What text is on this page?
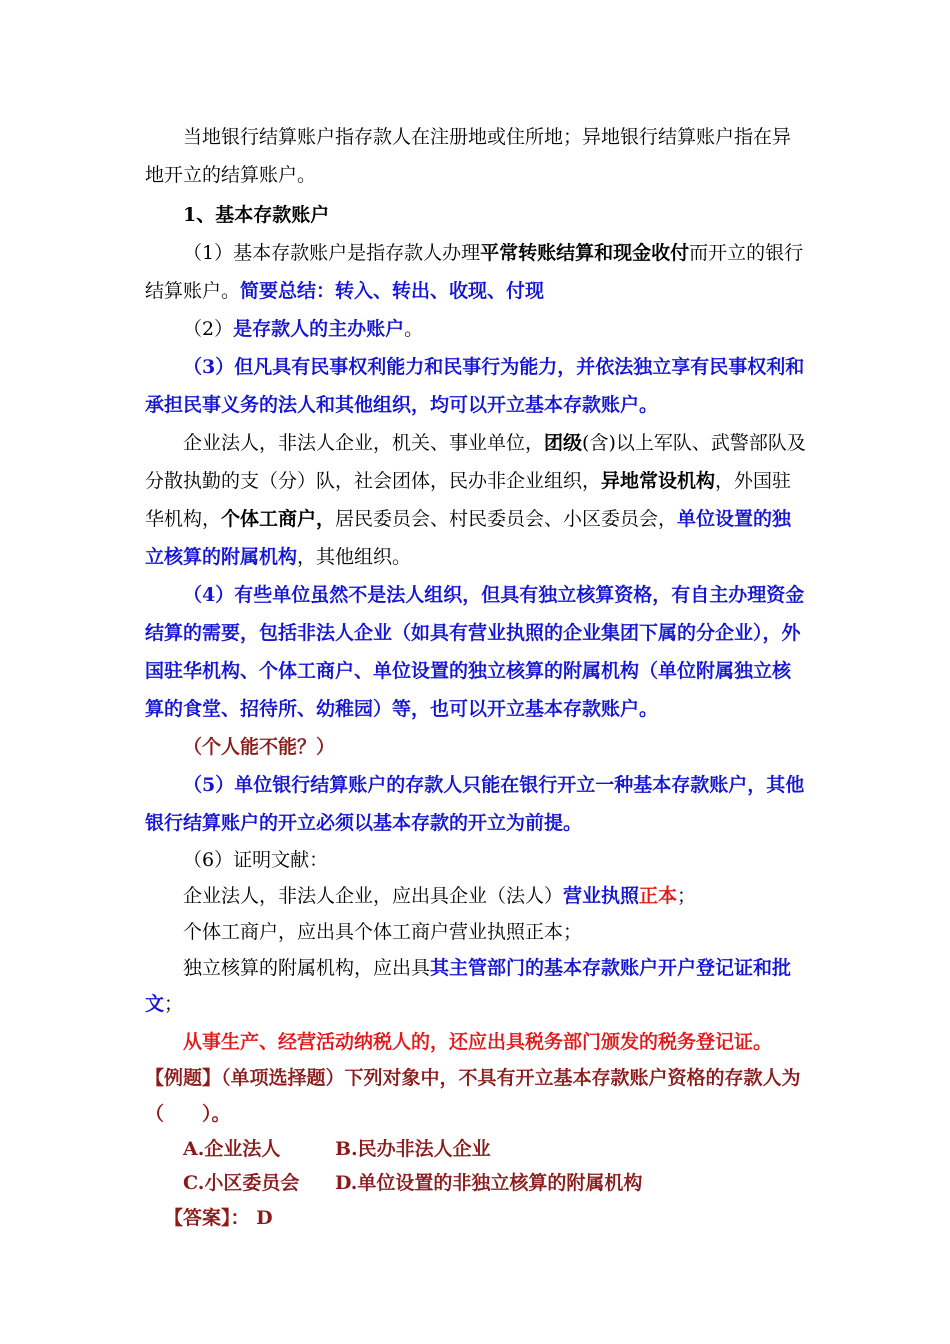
当地银行结算账户指存款人在注册地或住所地；异地银行结算账户指在异地开立的结算账户。

1、基本存款账户

（1）基本存款账户是指存款人办理平常转账结算和现金收付而开立的银行结算账户。简要总结：转入、转出、收现、付现

（2）是存款人的主办账户。

（3）但凡具有民事权利能力和民事行为能力，并依法独立享有民事权利和承担民事义务的法人和其他组织，均可以开立基本存款账户。

企业法人，非法人企业，机关、事业单位，团级(含)以上军队、武警部队及分散执勤的支（分）队，社会团体，民办非企业组织，异地常设机构，外国驻华机构，个体工商户，居民委员会、村民委员会、小区委员会，单位设置的独立核算的附属机构，其他组织。

（4）有些单位虽然不是法人组织，但具有独立核算资格，有自主办理资金结算的需要，包括非法人企业（如具有营业执照的企业集团下属的分企业），外国驻华机构、个体工商户、单位设置的独立核算的附属机构（单位附属独立核算的食堂、招待所、幼稚园）等，也可以开立基本存款账户。

（个人能不能？）

（5）单位银行结算账户的存款人只能在银行开立一种基本存款账户，其他银行结算账户的开立必须以基本存款的开立为前提。

（6）证明文献：

企业法人，非法人企业，应出具企业（法人）营业执照正本；

个体工商户，应出具个体工商户营业执照正本；

独立核算的附属机构，应出具其主管部门的基本存款账户开户登记证和批文；

从事生产、经营活动纳税人的，还应出具税务部门颁发的税务登记证。

【例题】（单项选择题）下列对象中，不具有开立基本存款账户资格的存款人为（　　）。

A.企业法人	B.民办非法人企业
C.小区委员会	D.单位设置的非独立核算的附属机构

【答案】： D
